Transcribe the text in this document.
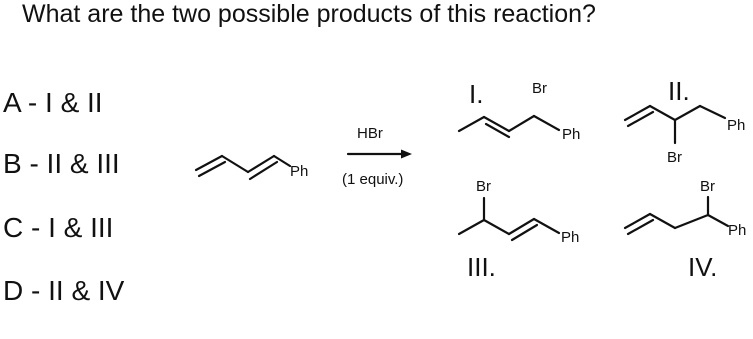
What are the two possible products of this reaction?
A - I & II
B - II & III
C - I & III
D - II & IV
Ph
HBr
(1 equiv.)
I.	Br
Ph
II.
Br
Ph
Br
Ph
III.
Br
Ph
IV.
